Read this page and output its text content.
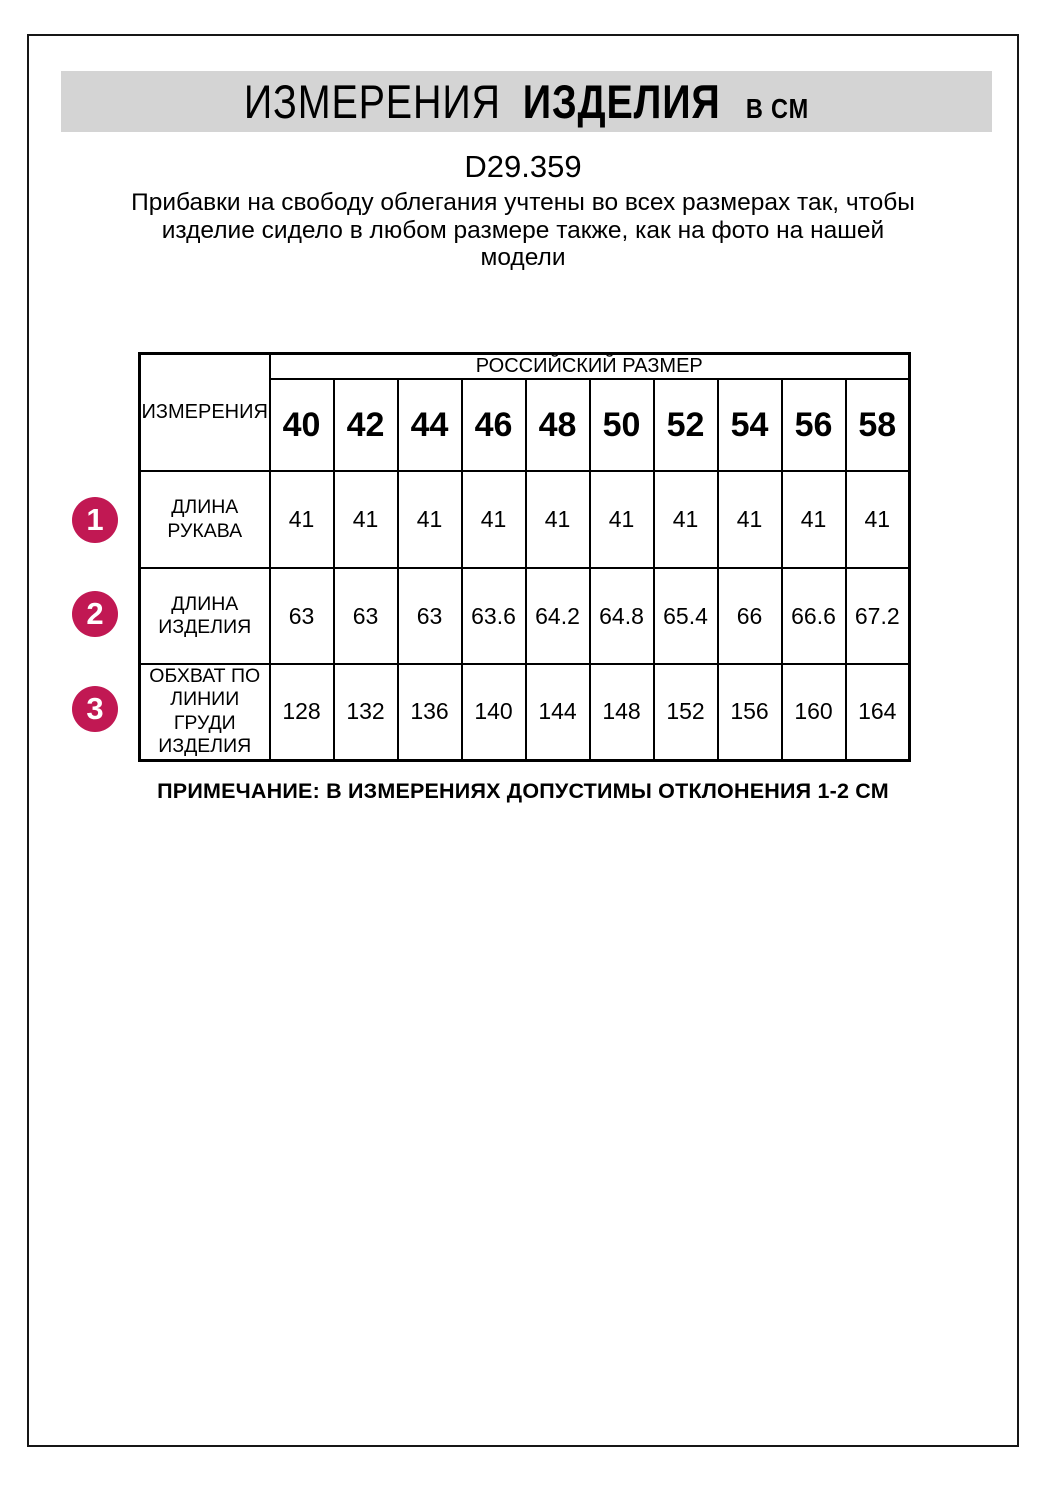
ИЗМЕРЕНИЯ ИЗДЕЛИЯ В СМ
D29.359
Прибавки на свободу облегания учтены во всех размерах так, чтобы
изделие сидело в любом размере также, как на фото на нашей
модели
ИЗМЕРЕНИЯ	РОССИЙСКИЙ РАЗМЕР									
	40	42	44	46	48	50	52	54	56	58
ДЛИНА
РУКАВА	41	41	41	41	41	41	41	41	41	41
ДЛИНА
ИЗДЕЛИЯ	63	63	63	63.6	64.2	64.8	65.4	66	66.6	67.2
ОБХВАТ ПО
ЛИНИИ
ГРУДИ
ИЗДЕЛИЯ	128	132	136	140	144	148	152	156	160	164
1
2
3
ПРИМЕЧАНИЕ: В ИЗМЕРЕНИЯХ ДОПУСТИМЫ ОТКЛОНЕНИЯ 1-2 СМ
